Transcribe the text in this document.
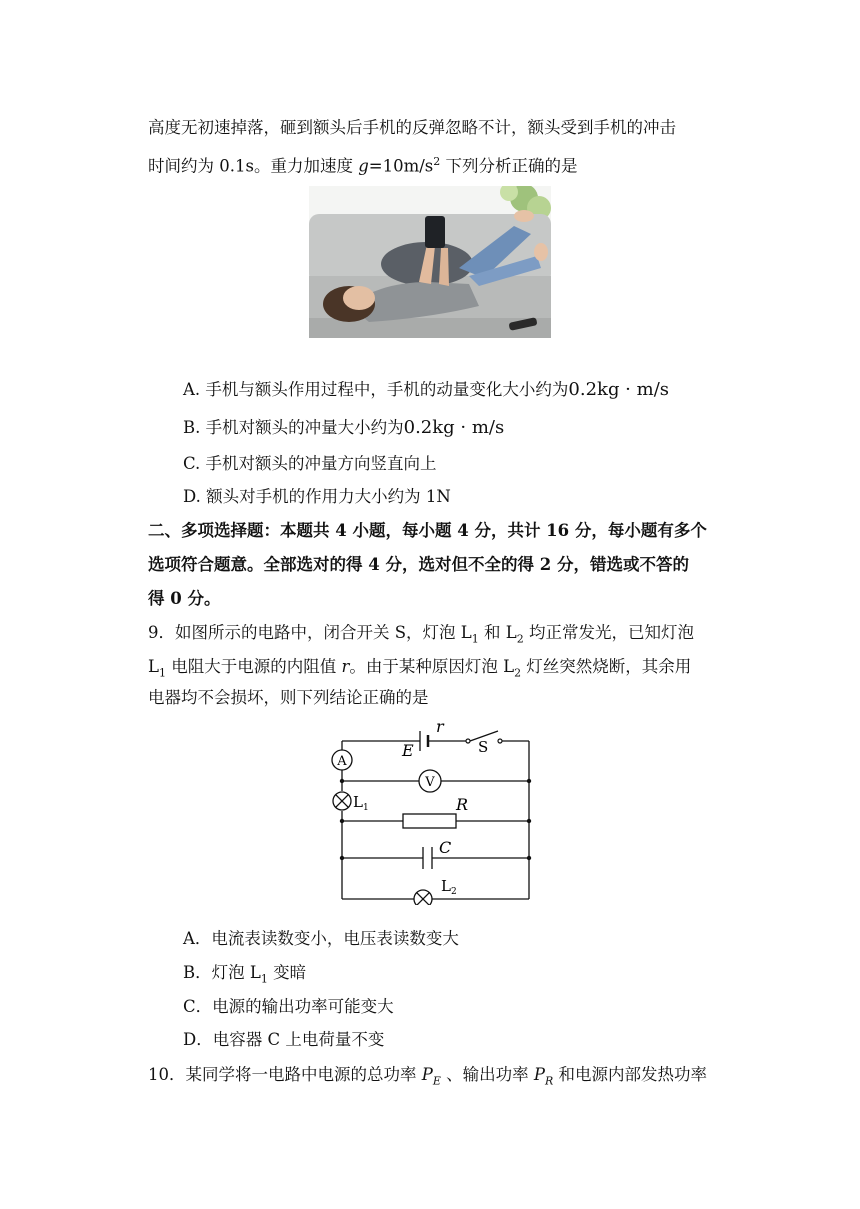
高度无初速掉落，砸到额头后手机的反弹忽略不计，额头受到手机的冲击
时间约为 0.1s。重力加速度 $g=10m/s^2$ 下列分析正确的是
A. 手机与额头作用过程中，手机的动量变化大小约为0.2kg · m/s
B. 手机对额头的冲量大小约为0.2kg · m/s
C. 手机对额头的冲量方向竖直向上
D. 额头对手机的作用力大小约为 1N
二、多项选择题：本题共 4 小题，每小题 4 分，共计 16 分，每小题有多个
选项符合题意。全部选对的得 4 分，选对但不全的得 2 分，错选或不答的
得 0 分。
9．如图所示的电路中，闭合开关 S，灯泡 $L_1$ 和 $L_2$ 均正常发光，已知灯泡
$L_1$ 电阻大于电源的内阻值 r。由于某种原因灯泡 $L_2$ 灯丝突然烧断，其余用
电器均不会损坏，则下列结论正确的是
r
E	S
A
V
L 1	R
C
L 2
A．电流表读数变小，电压表读数变大
B．灯泡 $L_1$ 变暗
C．电源的输出功率可能变大
D．电容器 C 上电荷量不变
10．某同学将一电路中电源的总功率 $P_E$ 、输出功率 $P_R$ 和电源内部发热功率
